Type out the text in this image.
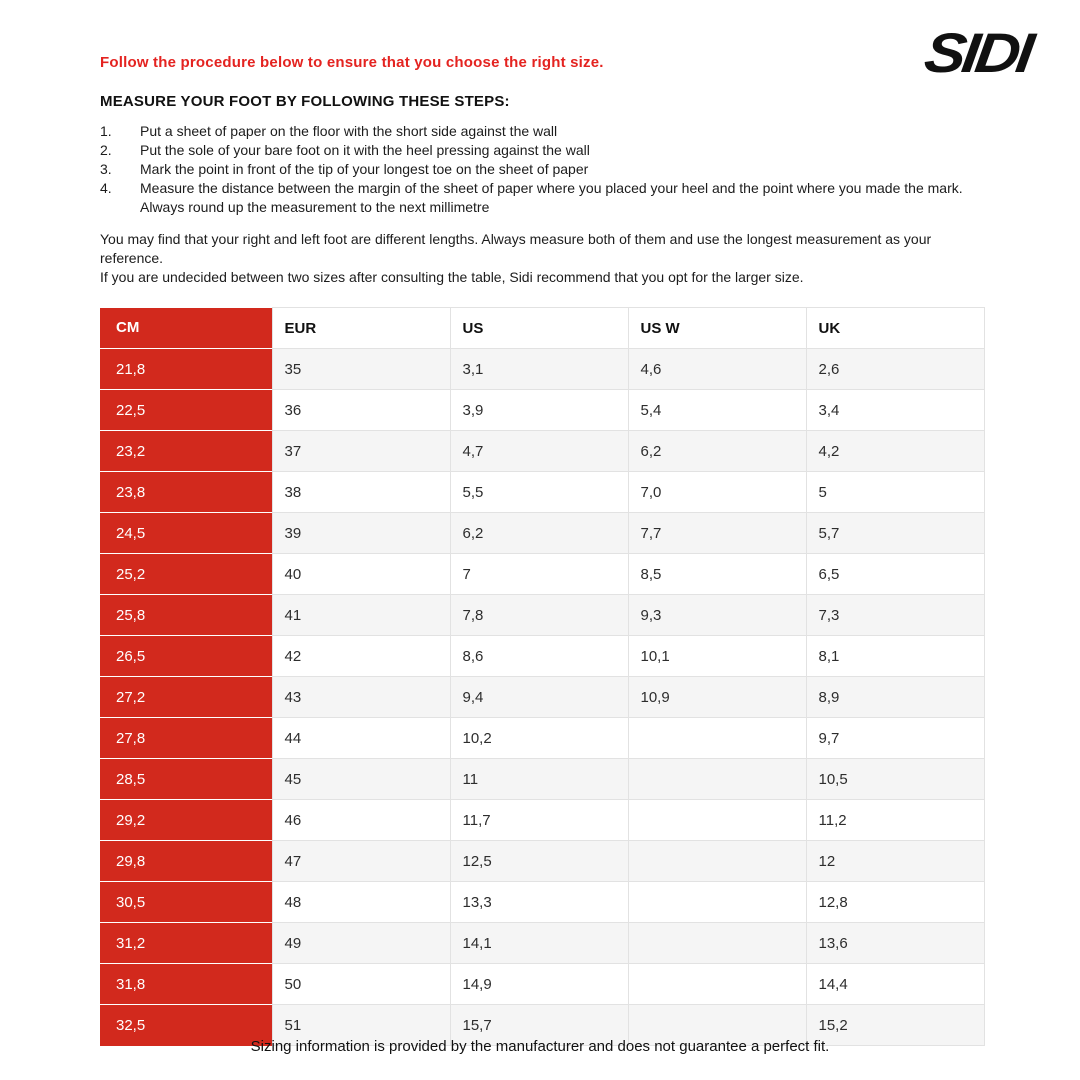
Follow the procedure below to ensure that you choose the right size.	SIDI
MEASURE YOUR FOOT BY FOLLOWING THESE STEPS:
1.	Put a sheet of paper on the floor with the short side against the wall
2.	Put the sole of your bare foot on it with the heel pressing against the wall
3.	Mark the point in front of the tip of your longest toe on the sheet of paper
4.	Measure the distance between the margin of the sheet of paper where you placed your heel and the point where you made the mark. Always round up the measurement to the next millimetre

You may find that your right and left foot are different lengths. Always measure both of them and use the longest measurement as your reference.

If you are undecided between two sizes after consulting the table, Sidi recommend that you opt for the larger size.

CM	EUR	US	US W	UK
21,8	35	3,1	4,6	2,6
22,5	36	3,9	5,4	3,4
23,2	37	4,7	6,2	4,2
23,8	38	5,5	7,0	5
24,5	39	6,2	7,7	5,7
25,2	40	7	8,5	6,5
25,8	41	7,8	9,3	7,3
26,5	42	8,6	10,1	8,1
27,2	43	9,4	10,9	8,9
27,8	44	10,2		9,7
28,5	45	11		10,5
29,2	46	11,7		11,2
29,8	47	12,5		12
30,5	48	13,3		12,8
31,2	49	14,1		13,6
31,8	50	14,9		14,4
32,5	51	15,7		15,2
Sizing information is provided by the manufacturer and does not guarantee a perfect fit.
